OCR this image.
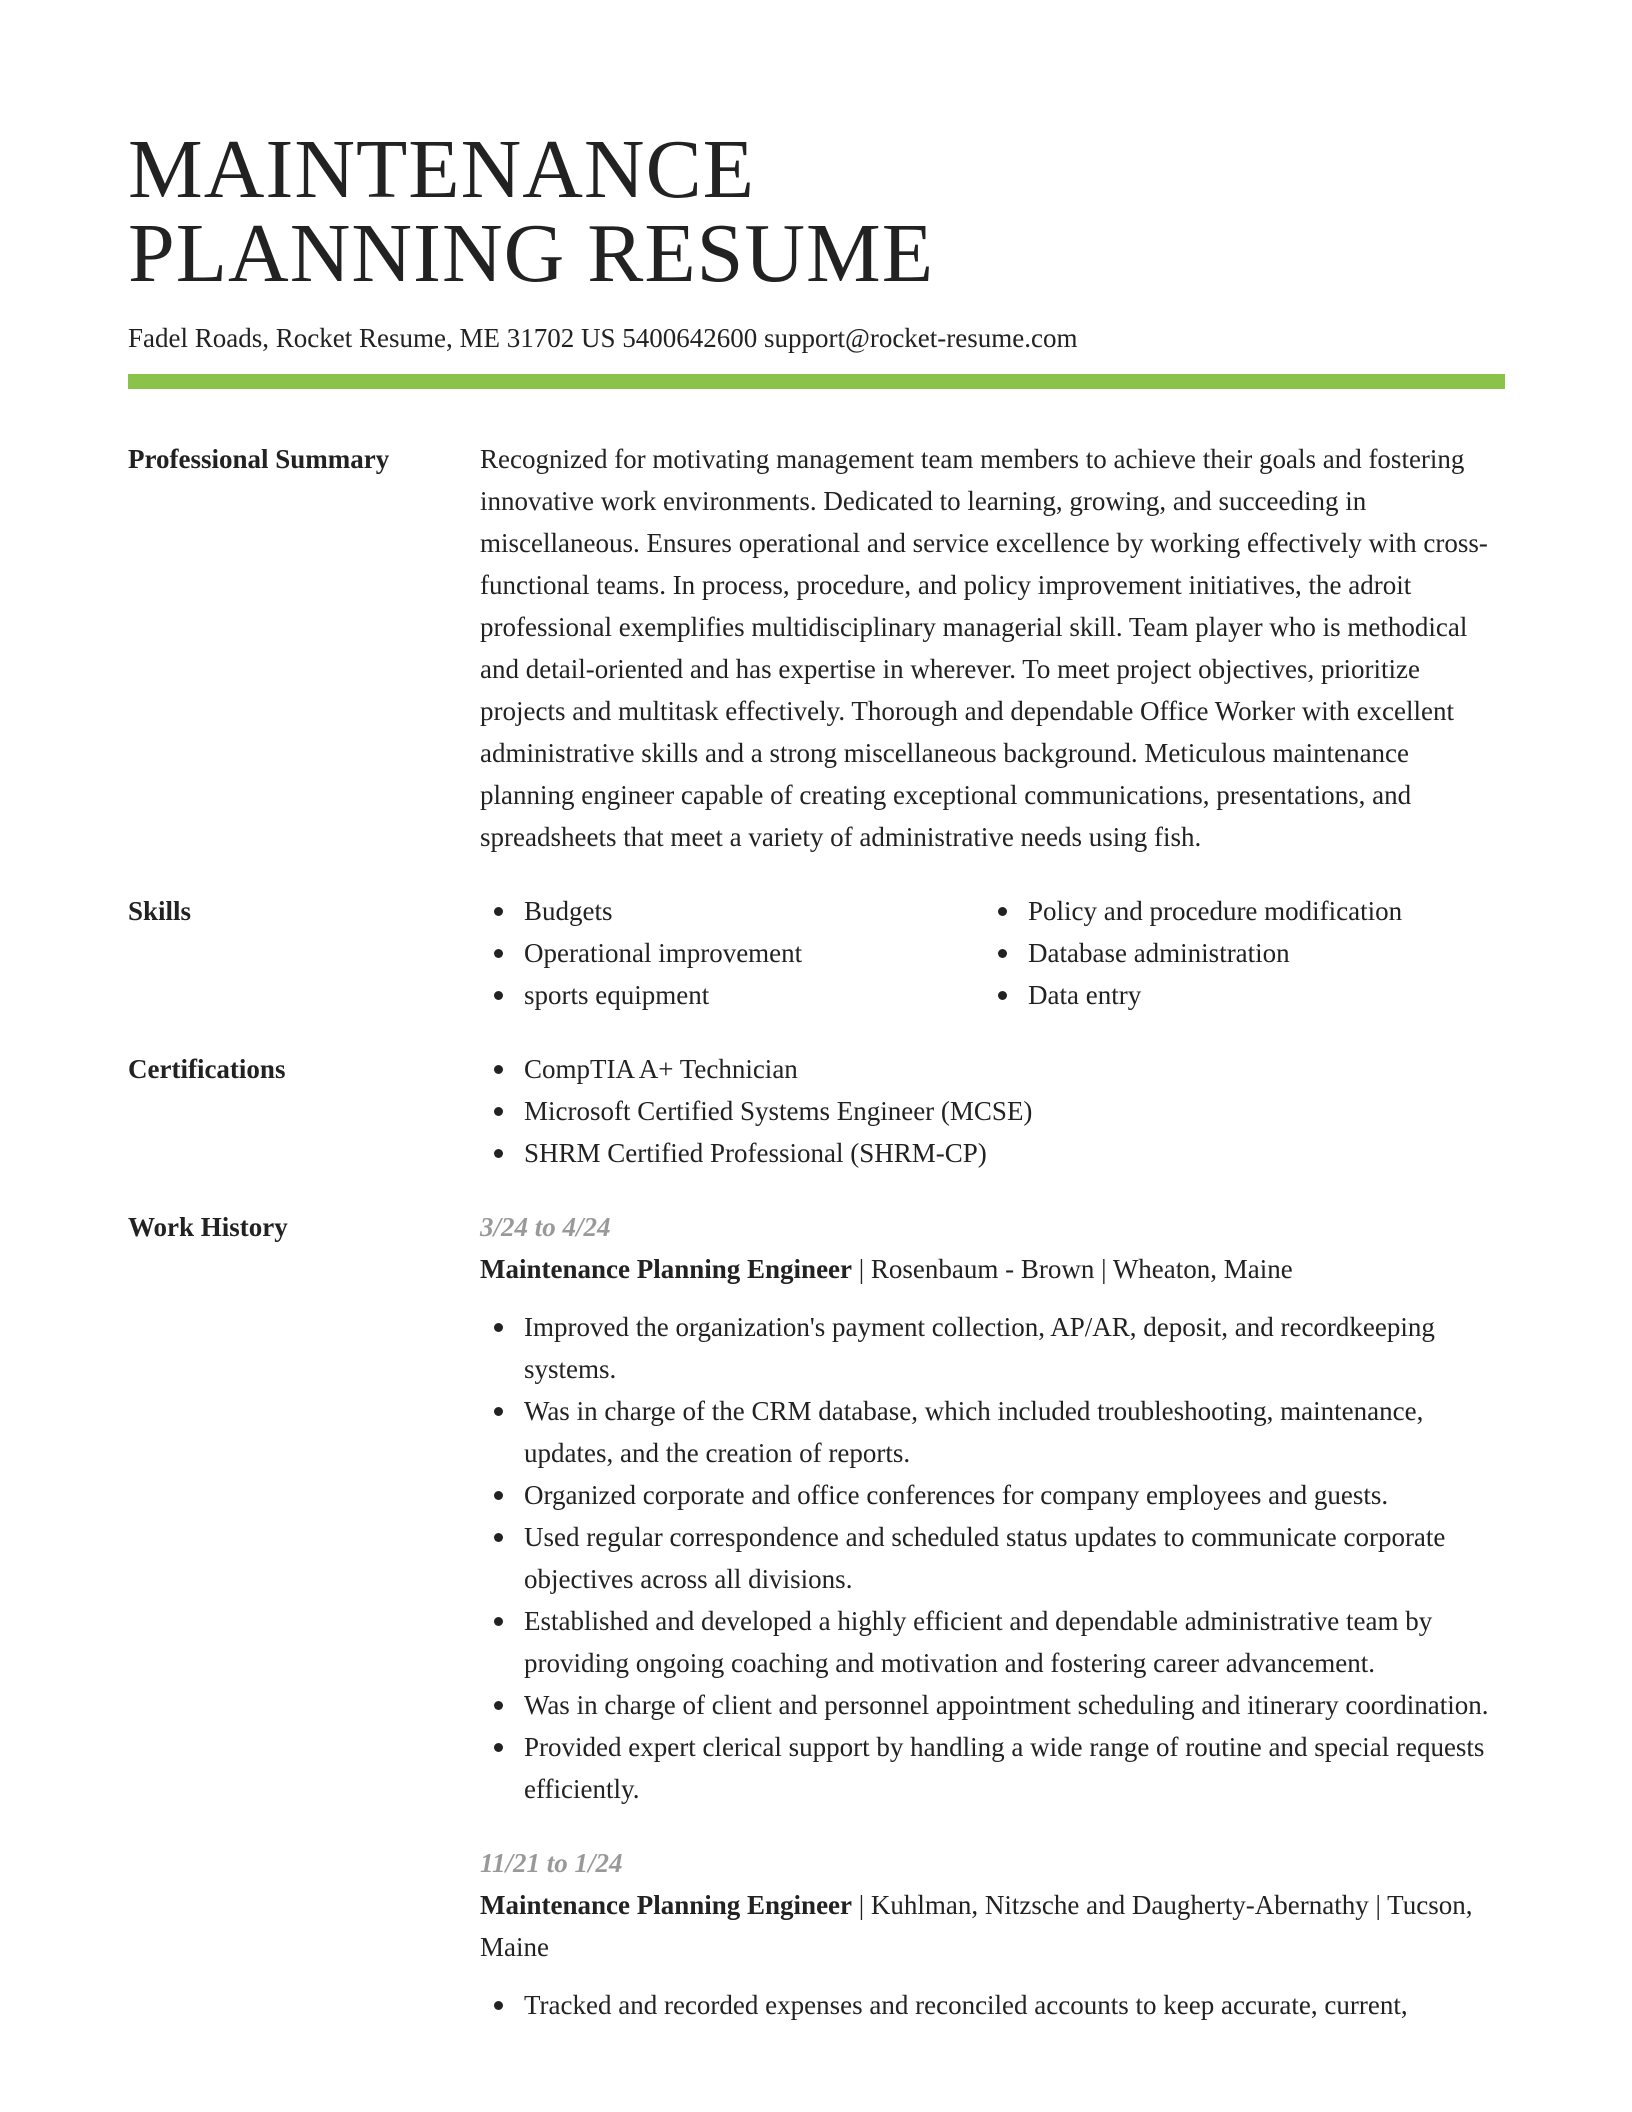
MAINTENANCE
PLANNING RESUME
Fadel Roads, Rocket Resume, ME 31702 US 5400642600 support@rocket-resume.com
Professional Summary	Recognized for motivating management team members to achieve their goals and fostering innovative work environments. Dedicated to learning, growing, and succeeding in miscellaneous. Ensures operational and service excellence by working effectively with cross-functional teams. In process, procedure, and policy improvement initiatives, the adroit professional exemplifies multidisciplinary managerial skill. Team player who is methodical and detail-oriented and has expertise in wherever. To meet project objectives, prioritize projects and multitask effectively. Thorough and dependable Office Worker with excellent administrative skills and a strong miscellaneous background. Meticulous maintenance planning engineer capable of creating exceptional communications, presentations, and spreadsheets that meet a variety of administrative needs using fish.

Skills	Budgets
Operational improvement
sports equipment
Policy and procedure modification
Database administration
Data entry
Certifications	CompTIA A+ Technician
Microsoft Certified Systems Engineer (MCSE)
SHRM Certified Professional (SHRM-CP)
Work History	3/24 to 4/24
Maintenance Planning Engineer | Rosenbaum - Brown | Wheaton, Maine
Improved the organization's payment collection, AP/AR, deposit, and recordkeeping systems.
Was in charge of the CRM database, which included troubleshooting, maintenance, updates, and the creation of reports.
Organized corporate and office conferences for company employees and guests.
Used regular correspondence and scheduled status updates to communicate corporate objectives across all divisions.
Established and developed a highly efficient and dependable administrative team by providing ongoing coaching and motivation and fostering career advancement.
Was in charge of client and personnel appointment scheduling and itinerary coordination.
Provided expert clerical support by handling a wide range of routine and special requests efficiently.
11/21 to 1/24
Maintenance Planning Engineer | Kuhlman, Nitzsche and Daugherty-Abernathy | Tucson, Maine
Tracked and recorded expenses and reconciled accounts to keep accurate, current,
